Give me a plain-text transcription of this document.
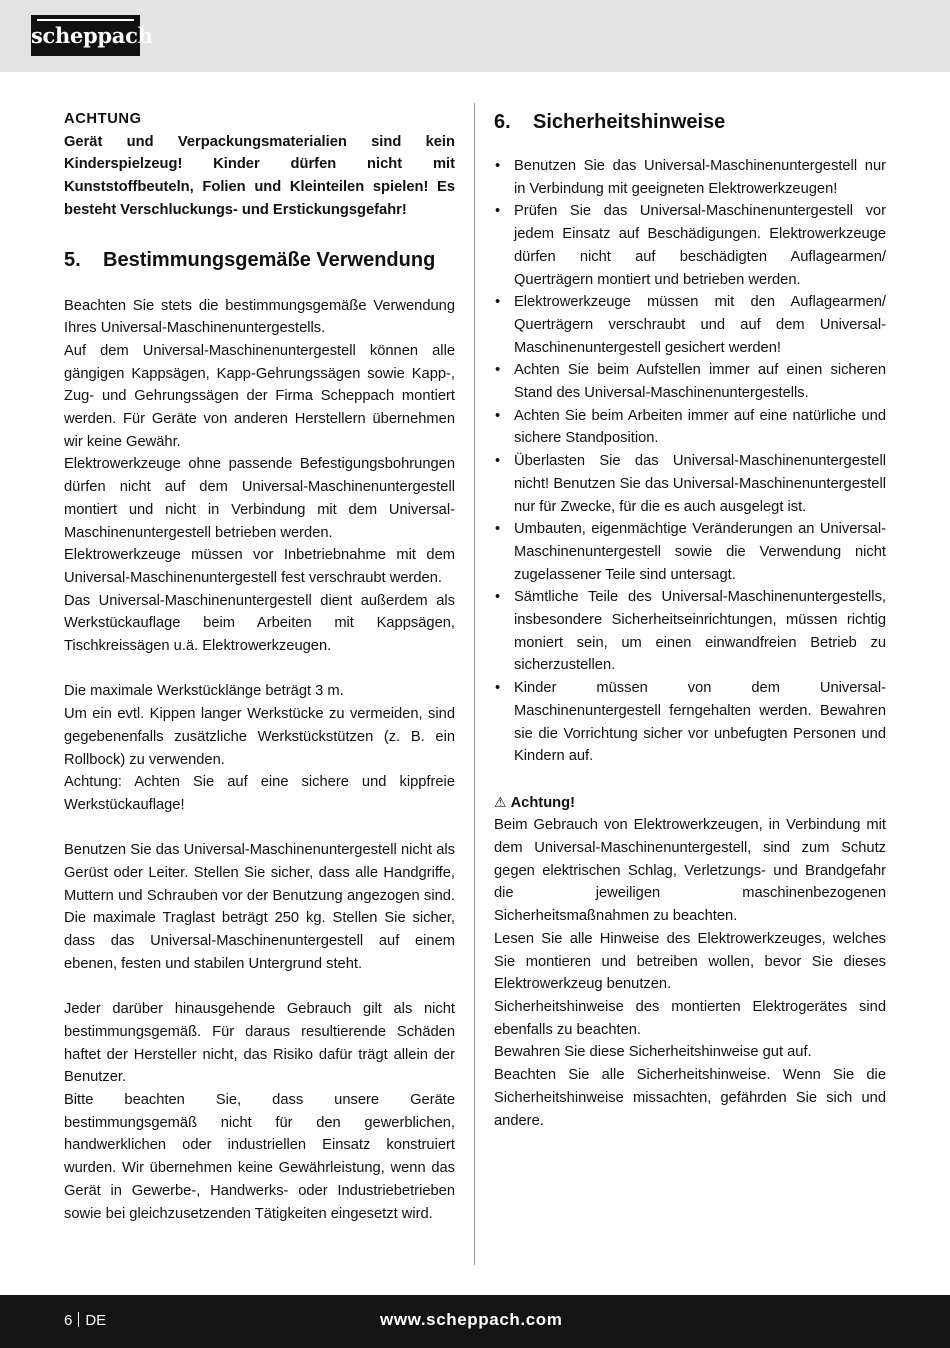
scheppach

ACHTUNG

Gerät und Verpackungsmaterialien sind kein Kinderspielzeug! Kinder dürfen nicht mit Kunststoffbeuteln, Folien und Kleinteilen spielen! Es besteht Verschluckungs- und Erstickungsgefahr!

5. Bestimmungsgemäße Verwendung

Beachten Sie stets die bestimmungsgemäße Verwendung Ihres Universal-Maschinenuntergestells.

Auf dem Universal-Maschinenuntergestell können alle gängigen Kappsägen, Kapp-Gehrungssägen sowie Kapp-, Zug- und Gehrungssägen der Firma Scheppach montiert werden. Für Geräte von anderen Herstellern übernehmen wir keine Gewähr.

Elektrowerkzeuge ohne passende Befestigungsbohrungen dürfen nicht auf dem Universal-Maschinenuntergestell montiert und nicht in Verbindung mit dem Universal-Maschinenuntergestell betrieben werden.

Elektrowerkzeuge müssen vor Inbetriebnahme mit dem Universal-Maschinenuntergestell fest verschraubt werden.

Das Universal-Maschinenuntergestell dient außerdem als Werkstückauflage beim Arbeiten mit Kappsägen, Tischkreissägen u.ä. Elektrowerkzeugen.

Die maximale Werkstücklänge beträgt 3 m.

Um ein evtl. Kippen langer Werkstücke zu vermeiden, sind gegebenenfalls zusätzliche Werkstückstützen (z. B. ein Rollbock) zu verwenden.

Achtung: Achten Sie auf eine sichere und kippfreie Werkstückauflage!

Benutzen Sie das Universal-Maschinenuntergestell nicht als Gerüst oder Leiter. Stellen Sie sicher, dass alle Handgriffe, Muttern und Schrauben vor der Benutzung angezogen sind. Die maximale Traglast beträgt 250 kg. Stellen Sie sicher, dass das Universal-Maschinenuntergestell auf einem ebenen, festen und stabilen Untergrund steht.

Jeder darüber hinausgehende Gebrauch gilt als nicht bestimmungsgemäß. Für daraus resultierende Schäden haftet der Hersteller nicht, das Risiko dafür trägt allein der Benutzer.

Bitte beachten Sie, dass unsere Geräte bestimmungsgemäß nicht für den gewerblichen, handwerklichen oder industriellen Einsatz konstruiert wurden. Wir übernehmen keine Gewährleistung, wenn das Gerät in Gewerbe-, Handwerks- oder Industriebetrieben sowie bei gleichzusetzenden Tätigkeiten eingesetzt wird.

6. Sicherheitshinweise
• Benutzen Sie das Universal-Maschinenuntergestell nur in Verbindung mit geeigneten Elektrowerkzeugen!
• Prüfen Sie das Universal-Maschinenuntergestell vor jedem Einsatz auf Beschädigungen. Elektrowerkzeuge dürfen nicht auf beschädigten Auflagearmen/ Querträgern montiert und betrieben werden.
• Elektrowerkzeuge müssen mit den Auflagearmen/ Querträgern verschraubt und auf dem Universal-Maschinenuntergestell gesichert werden!
• Achten Sie beim Aufstellen immer auf einen sicheren Stand des Universal-Maschinenuntergestells.
• Achten Sie beim Arbeiten immer auf eine natürliche und sichere Standposition.
• Überlasten Sie das Universal-Maschinenuntergestell nicht! Benutzen Sie das Universal-Maschinenuntergestell nur für Zwecke, für die es auch ausgelegt ist.
• Umbauten, eigenmächtige Veränderungen an Universal-Maschinenuntergestell sowie die Verwendung nicht zugelassener Teile sind untersagt.
• Sämtliche Teile des Universal-Maschinenuntergestells, insbesondere Sicherheitseinrichtungen, müssen richtig moniert sein, um einen einwandfreien Betrieb zu sicherzustellen.
• Kinder müssen von dem Universal-Maschinenuntergestell ferngehalten werden. Bewahren sie die Vorrichtung sicher vor unbefugten Personen und Kindern auf.

⚠ Achtung!

Beim Gebrauch von Elektrowerkzeugen, in Verbindung mit dem Universal-Maschinenuntergestell, sind zum Schutz gegen elektrischen Schlag, Verletzungs- und Brandgefahr die jeweiligen maschinenbezogenen Sicherheitsmaßnahmen zu beachten.

Lesen Sie alle Hinweise des Elektrowerkzeuges, welches Sie montieren und betreiben wollen, bevor Sie dieses Elektrowerkzeug benutzen.

Sicherheitshinweise des montierten Elektrogerätes sind ebenfalls zu beachten.

Bewahren Sie diese Sicherheitshinweise gut auf.

Beachten Sie alle Sicherheitshinweise. Wenn Sie die Sicherheitshinweise missachten, gefährden Sie sich und andere.

6 DE	www.scheppach.com
